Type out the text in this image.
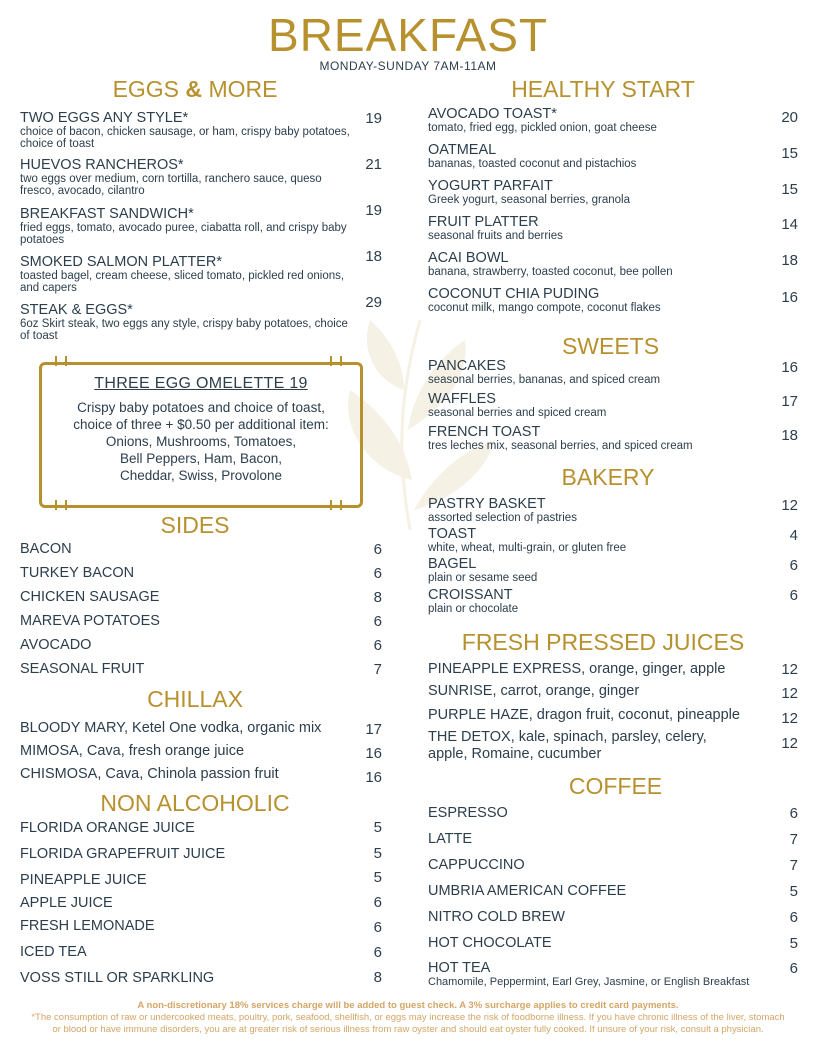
BREAKFAST
MONDAY-SUNDAY 7AM-11AM
EGGS & MORE
TWO EGGS ANY STYLE*
choice of bacon, chicken sausage, or ham, crispy baby potatoes, choice of toast
19
HUEVOS RANCHEROS*
two eggs over medium, corn tortilla, ranchero sauce, queso fresco, avocado, cilantro
21
BREAKFAST SANDWICH*
fried eggs, tomato, avocado puree, ciabatta roll, and crispy baby potatoes
19
SMOKED SALMON PLATTER*
toasted bagel, cream cheese, sliced tomato, pickled red onions, and capers
18
STEAK & EGGS*
6oz Skirt steak, two eggs any style, crispy baby potatoes, choice of toast
29
THREE EGG OMELETTE 19
Crispy baby potatoes and choice of toast,
choice of three + $0.50 per additional item:
Onions, Mushrooms, Tomatoes,
Bell Peppers, Ham, Bacon,
Cheddar, Swiss, Provolone
SIDES
BACON	6
TURKEY BACON	6
CHICKEN SAUSAGE	8
MAREVA POTATOES	6
AVOCADO	6
SEASONAL FRUIT	7
CHILLAX
BLOODY MARY, Ketel One vodka, organic mix	17
MIMOSA, Cava, fresh orange juice	16
CHISMOSA, Cava, Chinola passion fruit	16
NON ALCOHOLIC
FLORIDA ORANGE JUICE	5
FLORIDA GRAPEFRUIT JUICE	5
PINEAPPLE JUICE	5
APPLE JUICE	6
FRESH LEMONADE	6
ICED TEA	6
VOSS STILL OR SPARKLING	8
HEALTHY START
AVOCADO TOAST*
tomato, fried egg, pickled onion, goat cheese
20
OATMEAL
bananas, toasted coconut and pistachios
15
YOGURT PARFAIT
Greek yogurt, seasonal berries, granola
15
FRUIT PLATTER
seasonal fruits and berries
14
ACAI BOWL
banana, strawberry, toasted coconut, bee pollen
18
COCONUT CHIA PUDING
coconut milk, mango compote, coconut flakes
16
SWEETS
PANCAKES
seasonal berries, bananas, and spiced cream
16
WAFFLES
seasonal berries and spiced cream
17
FRENCH TOAST
tres leches mix, seasonal berries, and spiced cream
18
BAKERY
PASTRY BASKET
assorted selection of pastries
12
TOAST
white, wheat, multi-grain, or gluten free
4
BAGEL
plain or sesame seed
6
CROISSANT
plain or chocolate
6
FRESH PRESSED JUICES
PINEAPPLE EXPRESS, orange, ginger, apple	12
SUNRISE, carrot, orange, ginger	12
PURPLE HAZE, dragon fruit, coconut, pineapple	12
THE DETOX, kale, spinach, parsley, celery, apple, Romaine, cucumber
12
COFFEE
ESPRESSO	6
LATTE	7
CAPPUCCINO	7
UMBRIA AMERICAN COFFEE	5
NITRO COLD BREW	6
HOT CHOCOLATE	5
HOT TEA
Chamomile, Peppermint, Earl Grey, Jasmine, or English Breakfast
6
A non-discretionary 18% services charge will be added to guest check. A 3% surcharge applies to credit card payments.
*The consumption of raw or undercooked meats, poultry, pork, seafood, shellfish, or eggs may increase the risk of foodborne illness. If you have chronic illness of the liver, stomach or blood or have immune disorders, you are at greater risk of serious illness from raw oyster and should eat oyster fully cooked. If unsure of your risk, consult a physician.
